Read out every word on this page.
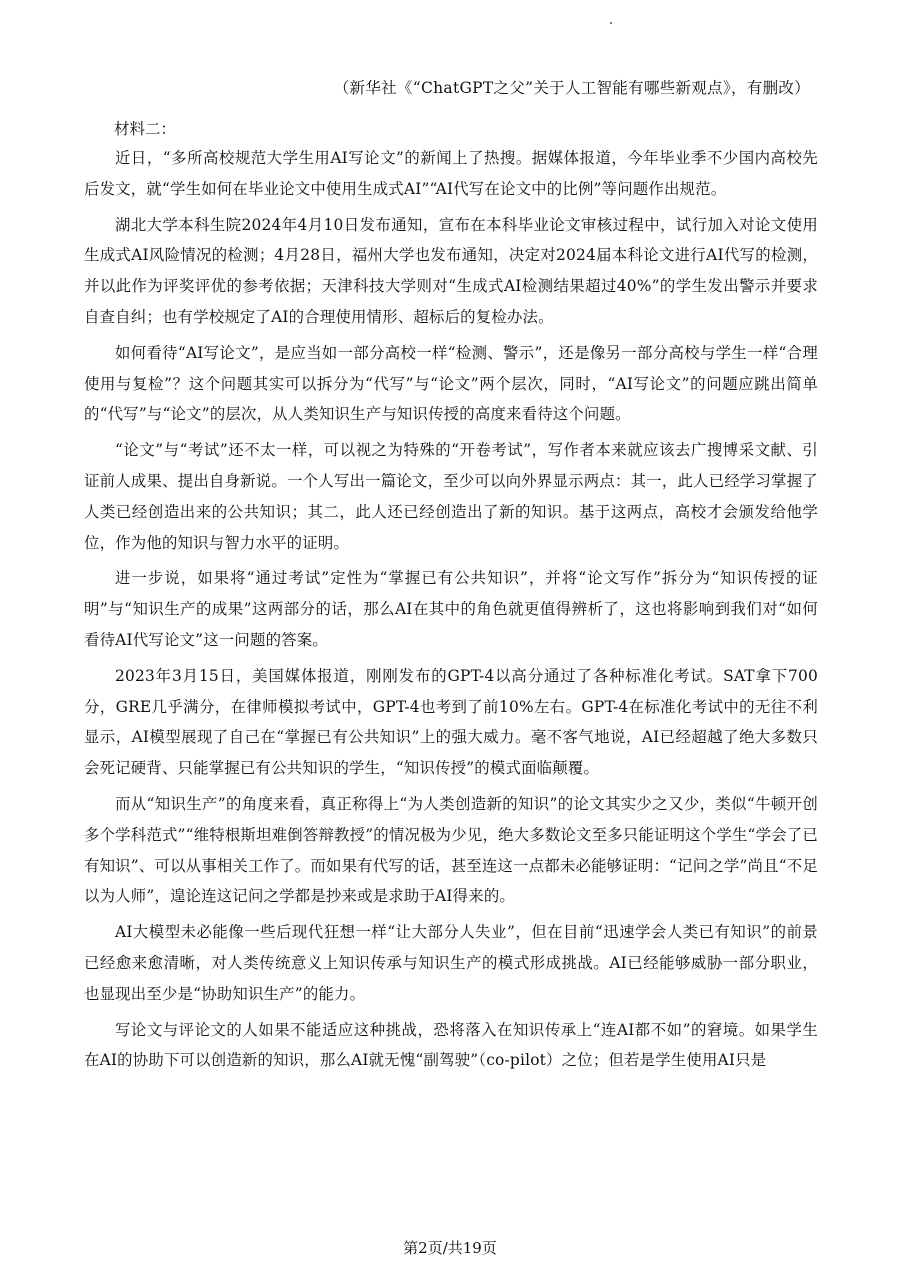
（新华社《“ChatGPT之父”关于人工智能有哪些新观点》，有删改）
材料二：

近日，“多所高校规范大学生用AI写论文”的新闻上了热搜。据媒体报道，今年毕业季不少国内高校先后发文，就“学生如何在毕业论文中使用生成式AI”“AI代写在论文中的比例”等问题作出规范。

湖北大学本科生院2024年4月10日发布通知，宣布在本科毕业论文审核过程中，试行加入对论文使用生成式AI风险情况的检测；4月28日，福州大学也发布通知，决定对2024届本科论文进行AI代写的检测，并以此作为评奖评优的参考依据；天津科技大学则对“生成式AI检测结果超过40%”的学生发出警示并要求自查自纠；也有学校规定了AI的合理使用情形、超标后的复检办法。

如何看待“AI写论文”，是应当如一部分高校一样“检测、警示”，还是像另一部分高校与学生一样“合理使用与复检”？这个问题其实可以拆分为“代写”与“论文”两个层次，同时，“AI写论文”的问题应跳出简单的“代写”与“论文”的层次，从人类知识生产与知识传授的高度来看待这个问题。

“论文”与“考试”还不太一样，可以视之为特殊的“开卷考试”，写作者本来就应该去广搜博采文献、引证前人成果、提出自身新说。一个人写出一篇论文，至少可以向外界显示两点：其一，此人已经学习掌握了人类已经创造出来的公共知识；其二，此人还已经创造出了新的知识。基于这两点，高校才会颁发给他学位，作为他的知识与智力水平的证明。

进一步说，如果将“通过考试”定性为“掌握已有公共知识”，并将“论文写作”拆分为“知识传授的证明”与“知识生产的成果”这两部分的话，那么AI在其中的角色就更值得辨析了，这也将影响到我们对“如何看待AI代写论文”这一问题的答案。

2023年3月15日，美国媒体报道，刚刚发布的GPT-4以高分通过了各种标准化考试。SAT拿下700分，GRE几乎满分，在律师模拟考试中，GPT-4也考到了前10%左右。GPT-4在标准化考试中的无往不利显示，AI模型展现了自己在“掌握已有公共知识”上的强大威力。毫不客气地说，AI已经超越了绝大多数只会死记硬背、只能掌握已有公共知识的学生，“知识传授”的模式面临颠覆。

而从“知识生产”的角度来看，真正称得上“为人类创造新的知识”的论文其实少之又少，类似“牛顿开创多个学科范式”“维特根斯坦难倒答辩教授”的情况极为少见，绝大多数论文至多只能证明这个学生“学会了已有知识”、可以从事相关工作了。而如果有代写的话，甚至连这一点都未必能够证明：“记问之学”尚且“不足以为人师”，遑论连这记问之学都是抄来或是求助于AI得来的。

AI大模型未必能像一些后现代狂想一样“让大部分人失业”，但在目前“迅速学会人类已有知识”的前景已经愈来愈清晰，对人类传统意义上知识传承与知识生产的模式形成挑战。AI已经能够威胁一部分职业，也显现出至少是“协助知识生产”的能力。

写论文与评论文的人如果不能适应这种挑战，恐将落入在知识传承上“连AI都不如”的窘境。如果学生在AI的协助下可以创造新的知识，那么AI就无愧“副驾驶”（co-pilot）之位；但若是学生使用AI只是

第2页/共19页
